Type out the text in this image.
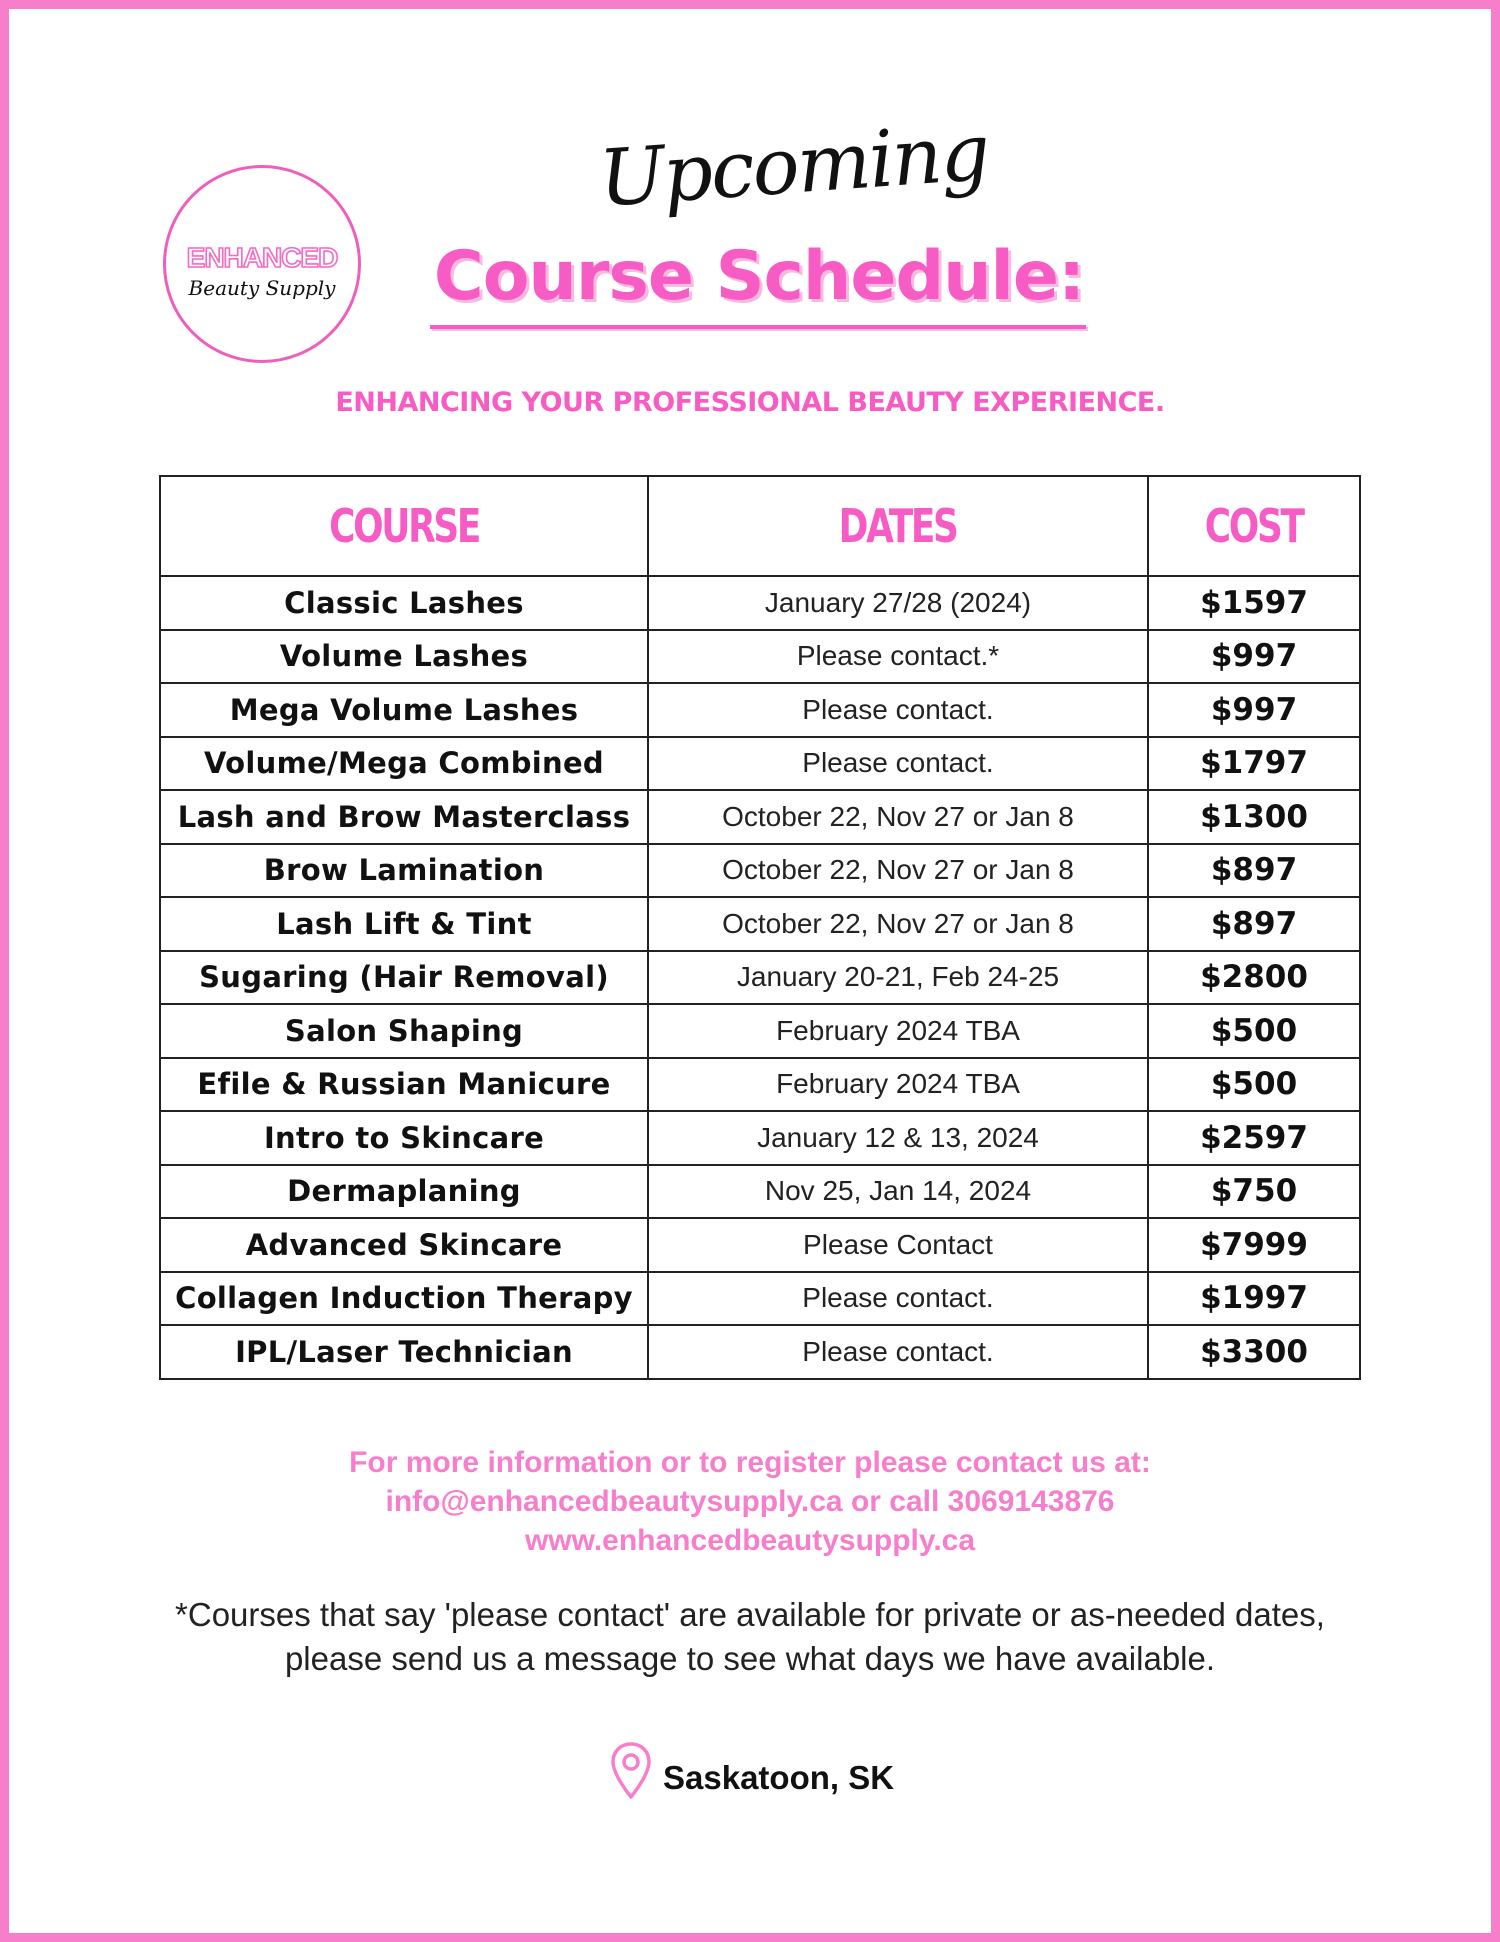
ENHANCED
Beauty Supply
Upcoming
Course Schedule:
ENHANCING YOUR PROFESSIONAL BEAUTY EXPERIENCE.
COURSE	DATES	COST
Classic Lashes	January 27/28 (2024)	$1597
Volume Lashes	Please contact.*	$997
Mega Volume Lashes	Please contact.	$997
Volume/Mega Combined	Please contact.	$1797
Lash and Brow Masterclass	October 22, Nov 27 or Jan 8	$1300
Brow Lamination	October 22, Nov 27 or Jan 8	$897
Lash Lift & Tint	October 22, Nov 27 or Jan 8	$897
Sugaring (Hair Removal)	January 20-21, Feb 24-25	$2800
Salon Shaping	February 2024 TBA	$500
Efile & Russian Manicure	February 2024 TBA	$500
Intro to Skincare	January 12 & 13, 2024	$2597
Dermaplaning	Nov 25, Jan 14, 2024	$750
Advanced Skincare	Please Contact	$7999
Collagen Induction Therapy	Please contact.	$1997
IPL/Laser Technician	Please contact.	$3300
For more information or to register please contact us at:
info@enhancedbeautysupply.ca or call 3069143876
www.enhancedbeautysupply.ca
*Courses that say 'please contact' are available for private or as-needed dates,
please send us a message to see what days we have available.
Saskatoon, SK
